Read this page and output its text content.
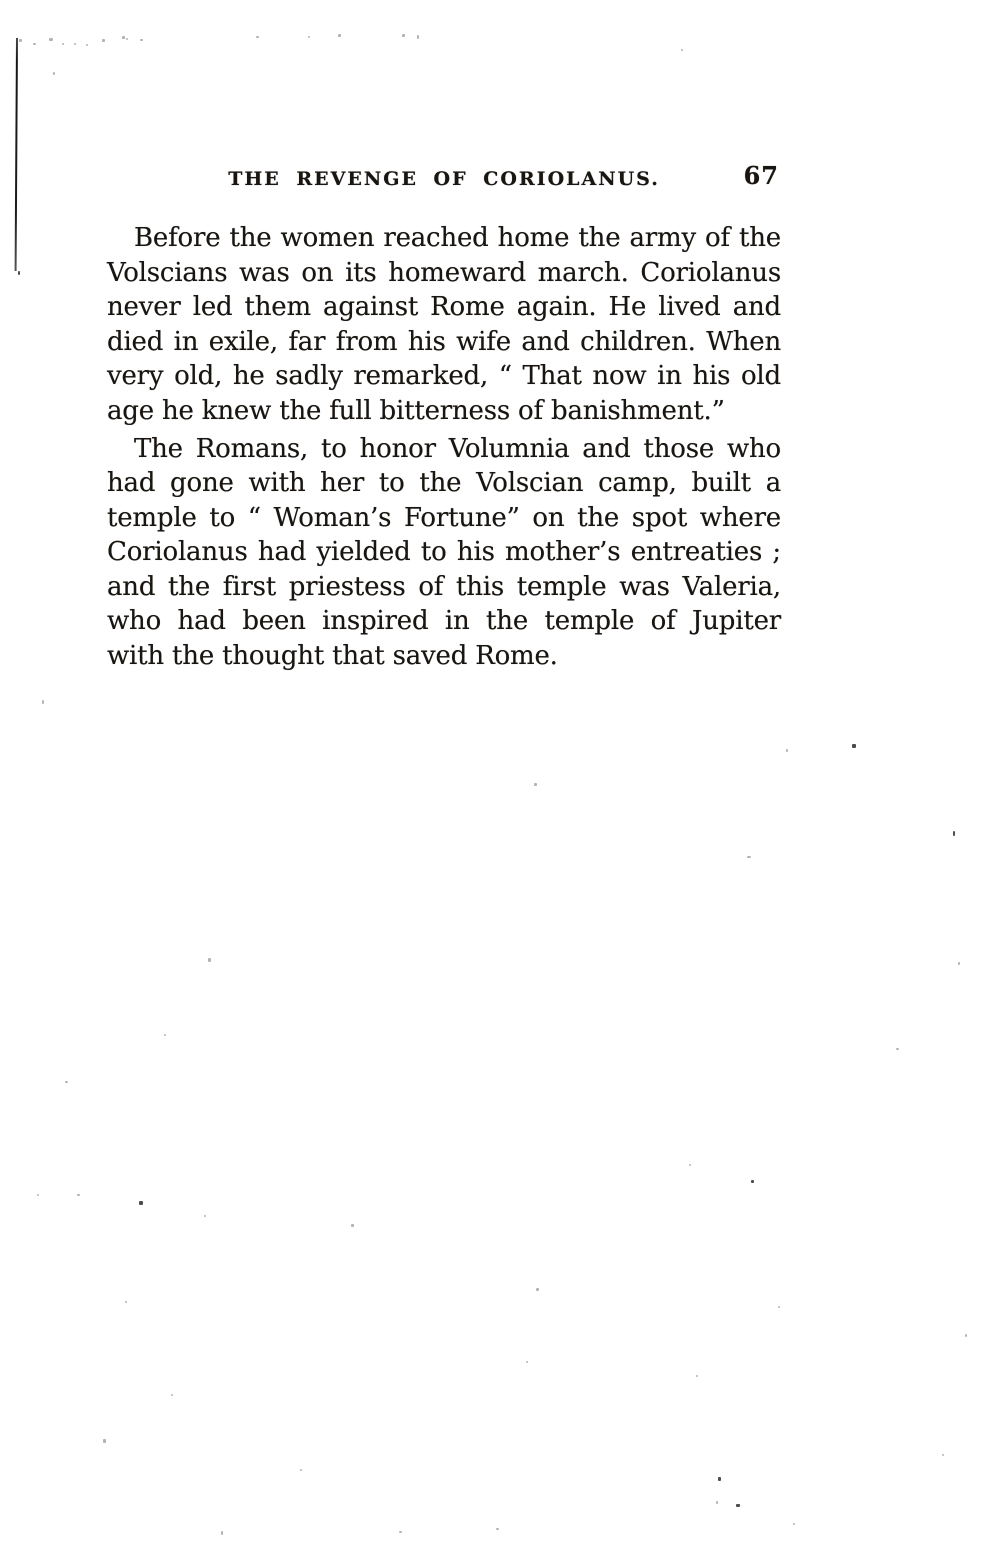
THE REVENGE OF CORIOLANUS.	67
Before the women reached home the army of the
Volscians was on its homeward march. Coriolanus
never led them against Rome again. He lived and
died in exile, far from his wife and children. When
very old, he sadly remarked, “ That now in his old
age he knew the full bitterness of banishment.”
The Romans, to honor Volumnia and those who
had gone with her to the Volscian camp, built a
temple to “ Woman’s Fortune” on the spot where
Coriolanus had yielded to his mother’s entreaties ;
and the first priestess of this temple was Valeria,
who had been inspired in the temple of Jupiter
with the thought that saved Rome.
